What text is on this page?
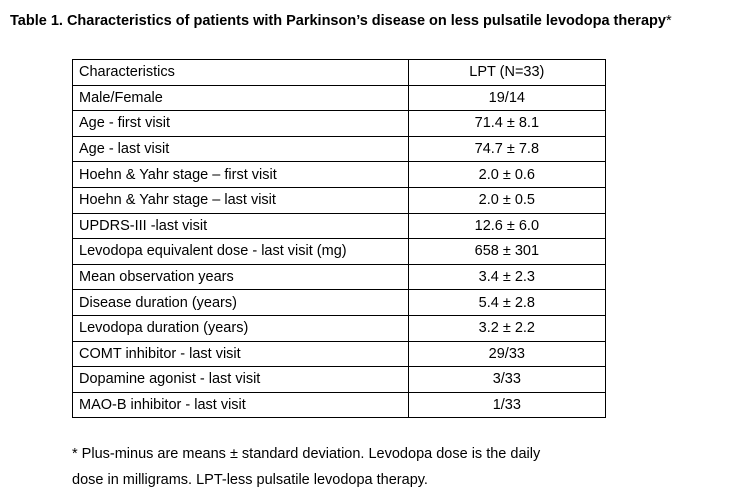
Table 1. Characteristics of patients with Parkinson’s disease on less pulsatile levodopa therapy*
Characteristics	LPT (N=33)
Male/Female	19/14
Age - first visit	71.4 ± 8.1
Age - last visit	74.7 ± 7.8
Hoehn & Yahr stage – first visit	2.0 ± 0.6
Hoehn & Yahr stage – last visit	2.0 ± 0.5
UPDRS-III -last visit	12.6 ± 6.0
Levodopa equivalent dose - last visit (mg)	658 ± 301
Mean observation years	3.4 ± 2.3
Disease duration (years)	5.4 ± 2.8
Levodopa duration (years)	3.2 ± 2.2
COMT inhibitor - last visit	29/33
Dopamine agonist - last visit	3/33
MAO-B inhibitor - last visit	1/33
* Plus-minus are means ± standard deviation. Levodopa dose is the daily
dose in milligrams. LPT-less pulsatile levodopa therapy.
